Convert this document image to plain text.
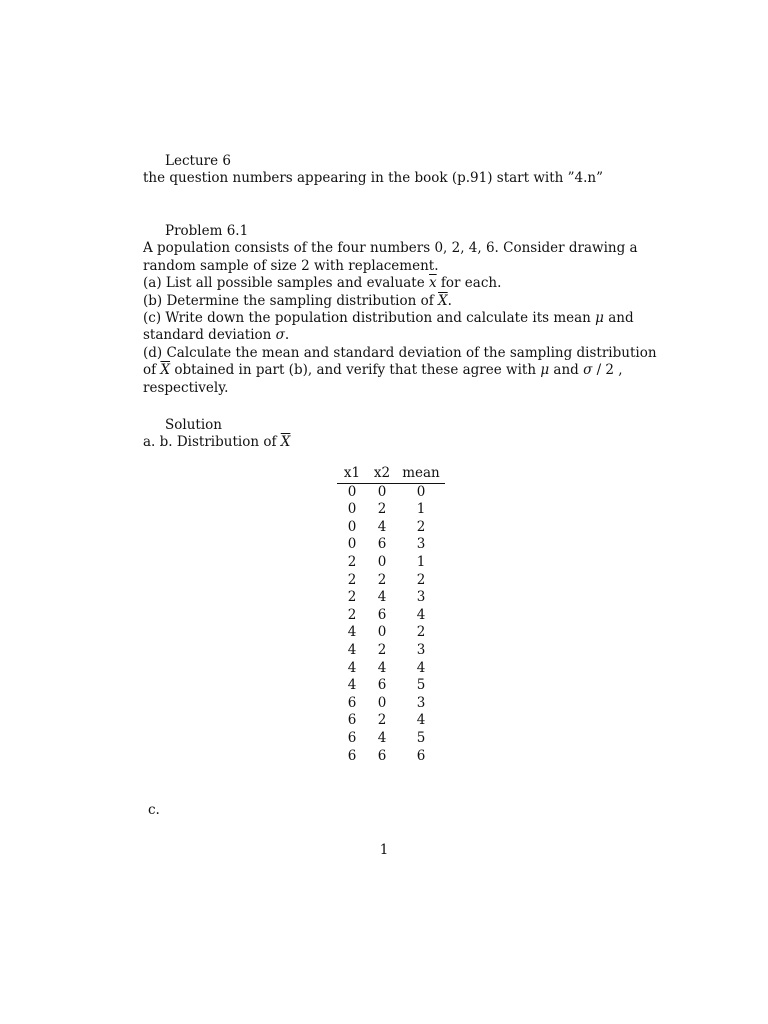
Lecture 6
the question numbers appearing in the book (p.91) start with ”4.n”
Problem 6.1
A population consists of the four numbers 0, 2, 4, 6. Consider drawing a
random sample of size 2 with replacement.
(a) List all possible samples and evaluate $\overline{x}$ for each.
(b) Determine the sampling distribution of $\overline{X}$.
(c) Write down the population distribution and calculate its mean μ and
standard deviation σ.
(d) Calculate the mean and standard deviation of the sampling distribution
of $\overline{X}$ obtained in part (b), and verify that these agree with μ and σ / 2 ,
respectively.
Solution
a. b. Distribution of $\overline{X}$
x1	x2	mean
0	0	0
0	2	1
0	4	2
0	6	3
2	0	1
2	2	2
2	4	3
2	6	4
4	0	2
4	2	3
4	4	4
4	6	5
6	0	3
6	2	4
6	4	5
6	6	6
c.
1
